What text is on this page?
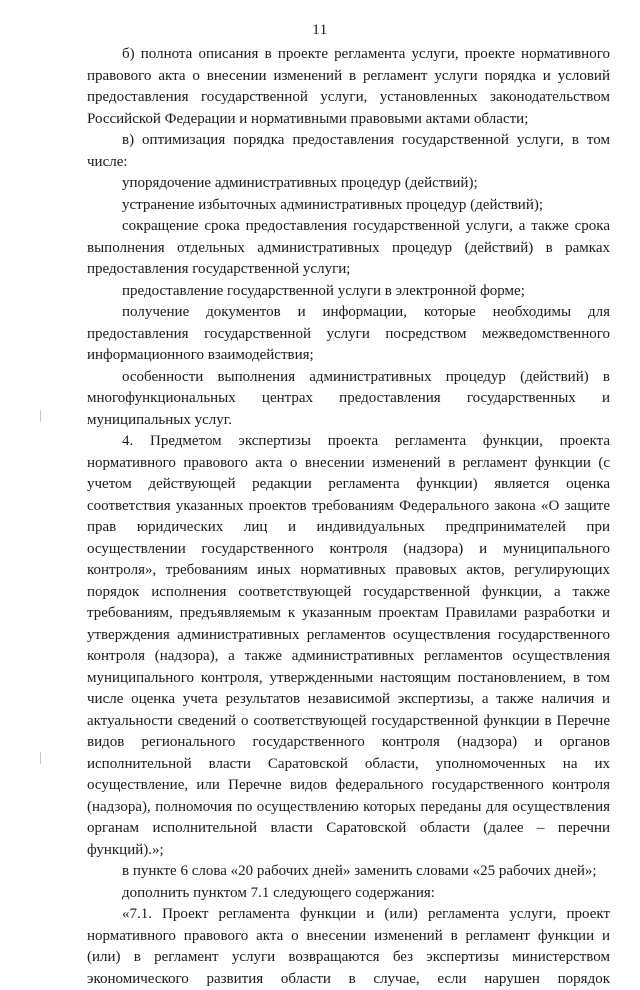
11

б) полнота описания в проекте регламента услуги, проекте нормативного правового акта о внесении изменений в регламент услуги порядка и условий предоставления государственной услуги, установленных законодательством Российской Федерации и нормативными правовыми актами области;

в) оптимизация порядка предоставления государственной услуги, в том числе:

упорядочение административных процедур (действий);

устранение избыточных административных процедур (действий);

сокращение срока предоставления государственной услуги, а также срока выполнения отдельных административных процедур (действий) в рамках предоставления государственной услуги;

предоставление государственной услуги в электронной форме;

получение документов и информации, которые необходимы для предоставления государственной услуги посредством межведомственного информационного взаимодействия;

особенности выполнения административных процедур (действий) в многофункциональных центрах предоставления государственных и муниципальных услуг.

4. Предметом экспертизы проекта регламента функции, проекта нормативного правового акта о внесении изменений в регламент функции (с учетом действующей редакции регламента функции) является оценка соответствия указанных проектов требованиям Федерального закона «О защите прав юридических лиц и индивидуальных предпринимателей при осуществлении государственного контроля (надзора) и муниципального контроля», требованиям иных нормативных правовых актов, регулирующих порядок исполнения соответствующей государственной функции, а также требованиям, предъявляемым к указанным проектам Правилами разработки и утверждения административных регламентов осуществления государственного контроля (надзора), а также административных регламентов осуществления муниципального контроля, утвержденными настоящим постановлением, в том числе оценка учета результатов независимой экспертизы, а также наличия и актуальности сведений о соответствующей государственной функции в Перечне видов регионального государственного контроля (надзора) и органов исполнительной власти Саратовской области, уполномоченных на их осуществление, или Перечне видов федерального государственного контроля (надзора), полномочия по осуществлению которых переданы для осуществления органам исполнительной власти Саратовской области (далее – перечни функций).»;

в пункте 6 слова «20 рабочих дней» заменить словами «25 рабочих дней»;

дополнить пунктом 7.1 следующего содержания:

«7.1. Проект регламента функции и (или) регламента услуги, проект нормативного правового акта о внесении изменений в регламент функции и (или) в регламент услуги возвращаются без экспертизы министерством экономического развития области в случае, если нарушен порядок
